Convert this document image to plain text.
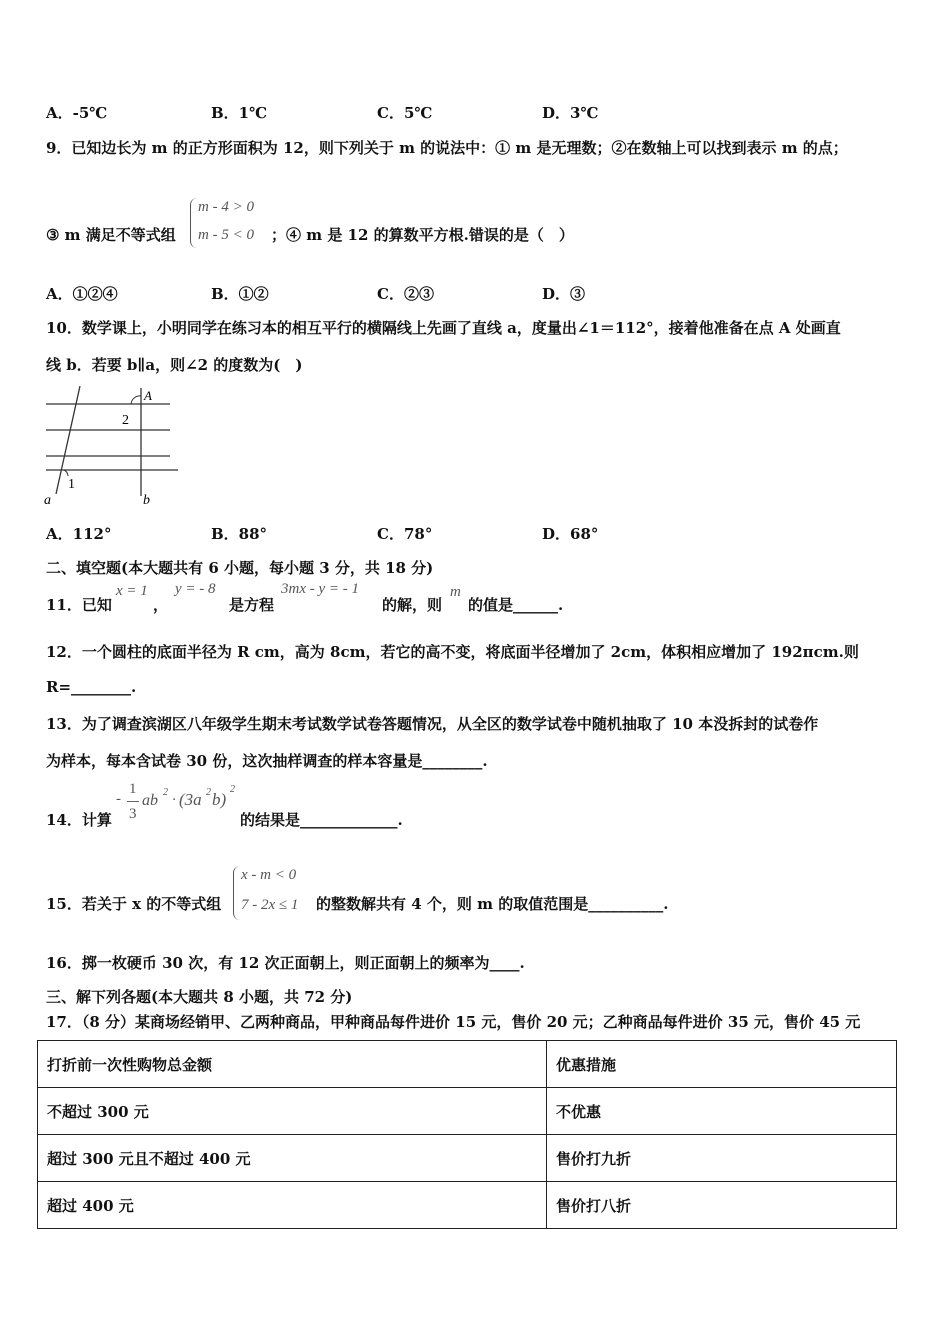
A．-5℃	B．1℃	C．5℃	D．3℃
9．已知边长为 m 的正方形面积为 12，则下列关于 m 的说法中：① m 是无理数；②在数轴上可以找到表示 m 的点；
③ m 满足不等式组
m - 4 > 0
m - 5 < 0 ；④ m 是 12 的算数平方根.错误的是（　）
A．①②④	B．①②	C．②③	D．③
10．数学课上，小明同学在练习本的相互平行的横隔线上先画了直线 a，度量出∠1＝112°，接着他准备在点 A 处画直
线 b．若要 b∥a，则∠2 的度数为(　)
A
2
1
a	b
A．112°	B．88°	C．78°	D．68°
二、填空题(本大题共有 6 小题，每小题 3 分，共 18 分)
11．已知
x = 1
，
y = - 8
是方程
3mx - y = - 1
的解，则
m
的值是______.
12．一个圆柱的底面半径为 R cm，高为 8cm，若它的高不变，将底面半径增加了 2cm，体积相应增加了 192πcm.则
R=________.
13．为了调查滨湖区八年级学生期末考试数学试卷答题情况，从全区的数学试卷中随机抽取了 10 本没拆封的试卷作
为样本，每本含试卷 30 份，这次抽样调查的样本容量是________.
14．计算
-
1
3
ab 2 · (3a 2 b)
2
的结果是_____________.
15．若关于 x 的不等式组
x - m < 0
7 - 2x ≤ 1 的整数解共有 4 个，则 m 的取值范围是__________.
16．掷一枚硬币 30 次，有 12 次正面朝上，则正面朝上的频率为____.
三、解下列各题(本大题共 8 小题，共 72 分)
17．（8 分）某商场经销甲、乙两种商品，甲种商品每件进价 15 元，售价 20 元；乙种商品每件进价 35 元，售价 45 元
打折前一次性购物总金额	优惠措施
不超过 300 元	不优惠
超过 300 元且不超过 400 元	售价打九折
超过 400 元	售价打八折
